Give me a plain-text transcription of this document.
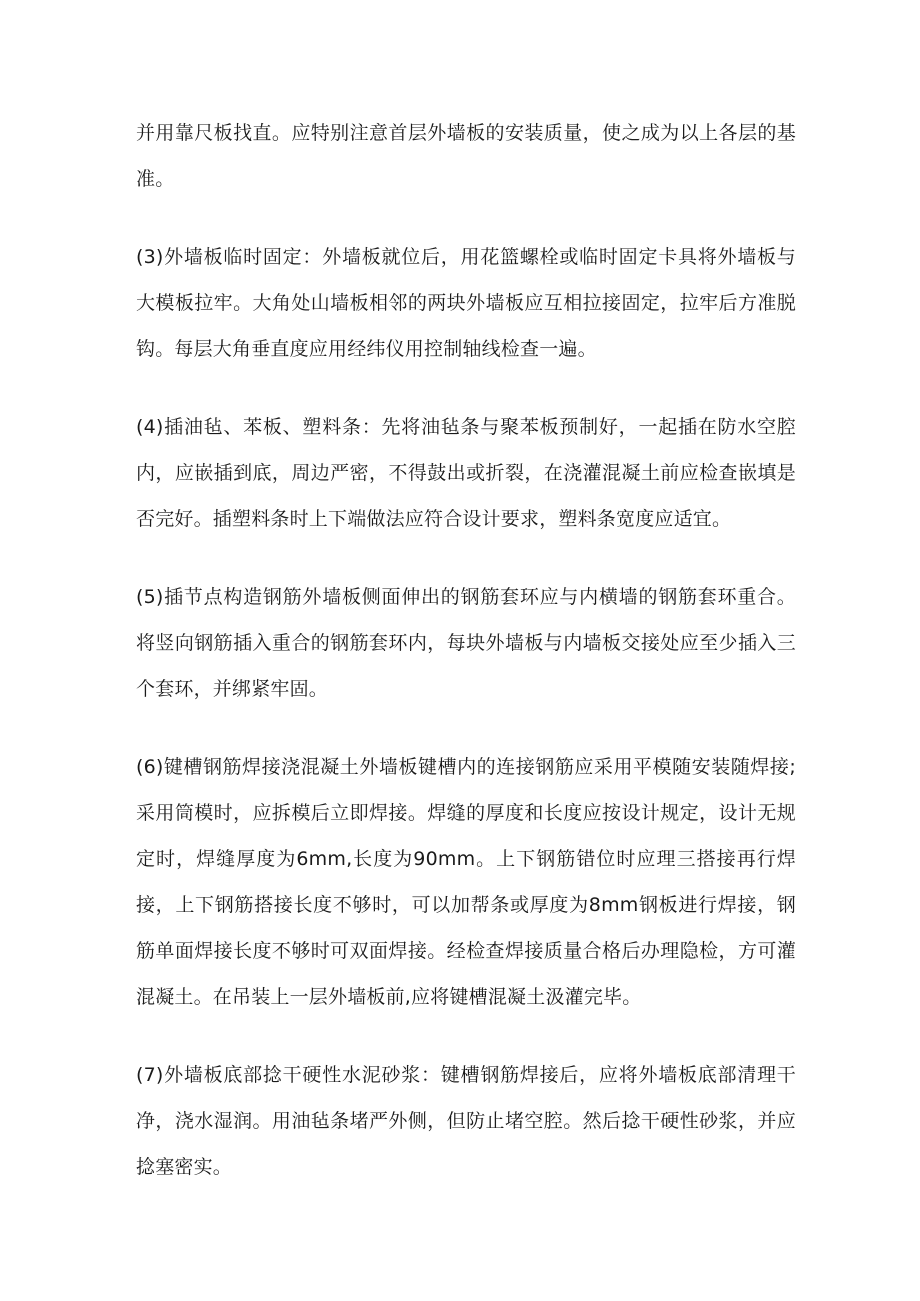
并用靠尺板找直。应特别注意首层外墙板的安装质量，使之成为以上各层的基准。

(3)外墙板临时固定：外墙板就位后，用花篮螺栓或临时固定卡具将外墙板与大模板拉牢。大角处山墙板相邻的两块外墙板应互相拉接固定，拉牢后方准脱钩。每层大角垂直度应用经纬仪用控制轴线检查一遍。

(4)插油毡、苯板、塑料条：先将油毡条与聚苯板预制好，一起插在防水空腔内，应嵌插到底，周边严密，不得鼓出或折裂，在浇灌混凝土前应检查嵌填是否完好。插塑料条时上下端做法应符合设计要求，塑料条宽度应适宜。

(5)插节点构造钢筋外墙板侧面伸出的钢筋套环应与内横墙的钢筋套环重合。将竖向钢筋插入重合的钢筋套环内，每块外墙板与内墙板交接处应至少插入三个套环，并绑紧牢固。

(6)键槽钢筋焊接浇混凝土外墙板键槽内的连接钢筋应采用平模随安装随焊接;采用筒模时，应拆模后立即焊接。焊缝的厚度和长度应按设计规定，设计无规定时，焊缝厚度为6mm,长度为90mm。上下钢筋错位时应理三搭接再行焊接，上下钢筋搭接长度不够时，可以加帮条或厚度为8mm钢板进行焊接，钢筋单面焊接长度不够时可双面焊接。经检查焊接质量合格后办理隐检，方可灌混凝土。在吊装上一层外墙板前,应将键槽混凝土汲灌完毕。

(7)外墙板底部捻干硬性水泥砂浆：键槽钢筋焊接后，应将外墙板底部清理干净，浇水湿润。用油毡条堵严外侧，但防止堵空腔。然后捻干硬性砂浆，并应捻塞密实。
